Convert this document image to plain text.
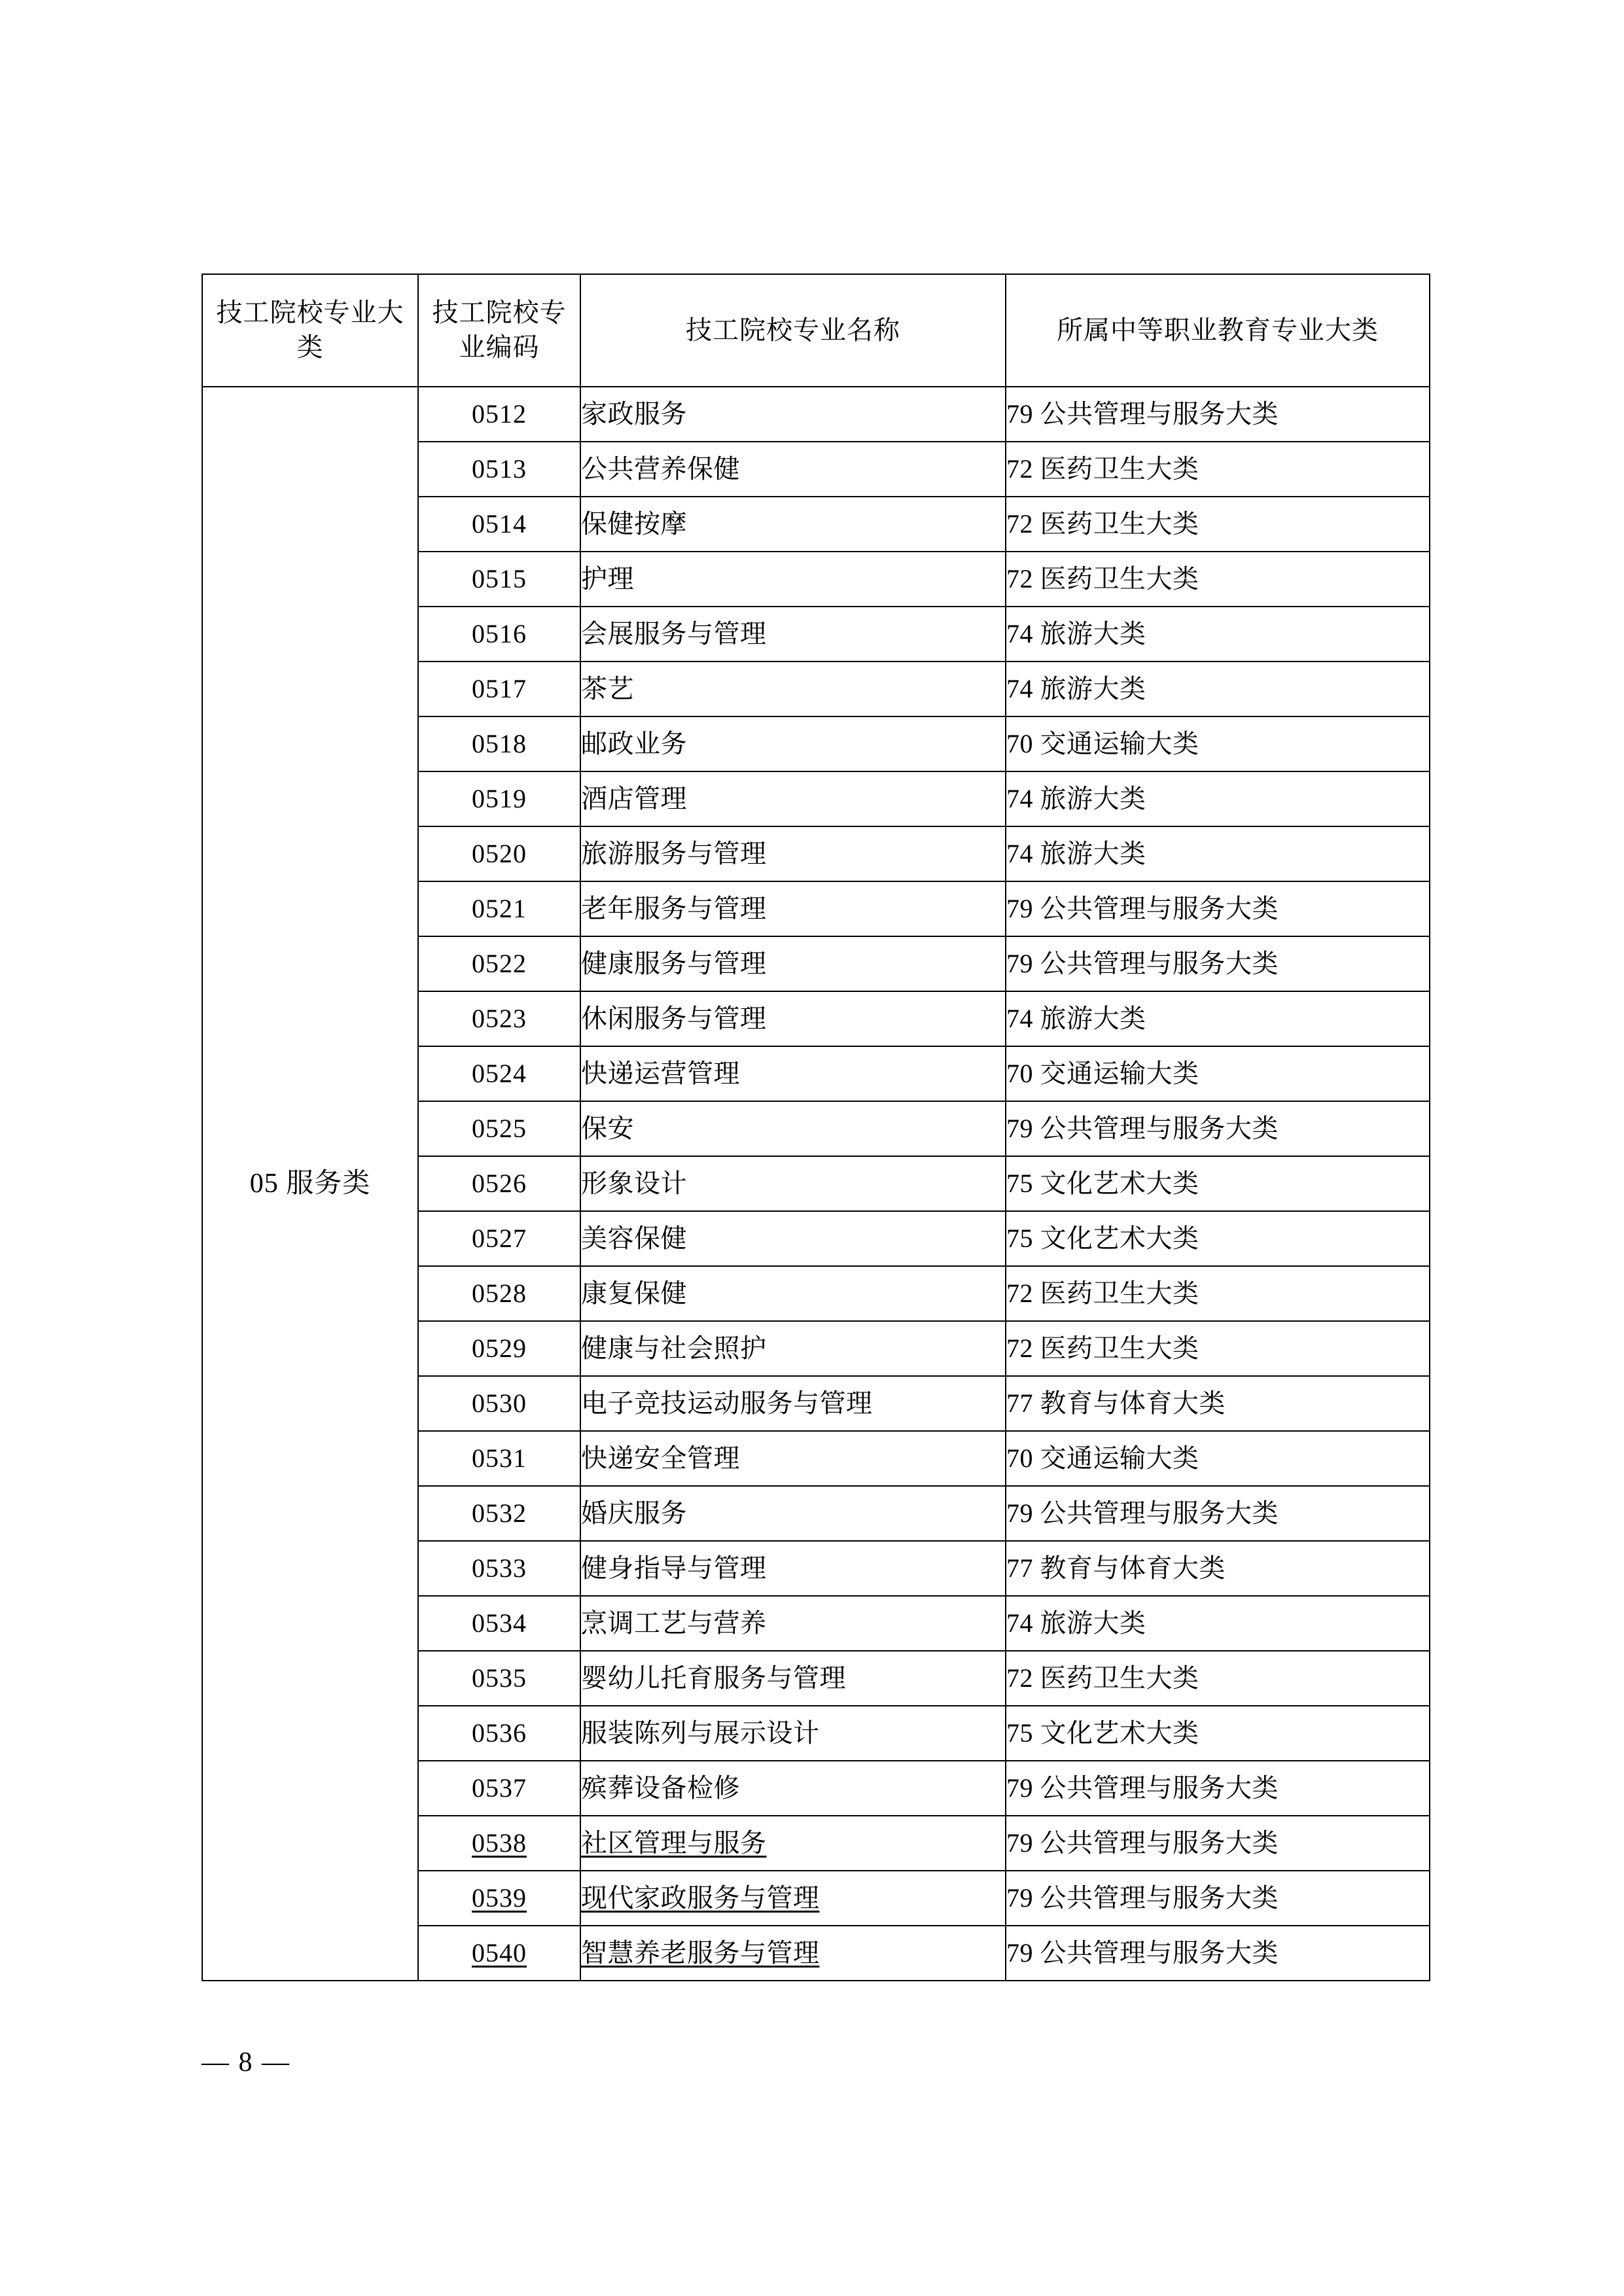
技工院校专业大类	技工院校专业编码	技工院校专业名称	所属中等职业教育专业大类

05 服务类	0512	家政服务	79 公共管理与服务大类
	0513	公共营养保健	72 医药卫生大类
	0514	保健按摩	72 医药卫生大类
	0515	护理	72 医药卫生大类
	0516	会展服务与管理	74 旅游大类
	0517	茶艺	74 旅游大类
	0518	邮政业务	70 交通运输大类
	0519	酒店管理	74 旅游大类
	0520	旅游服务与管理	74 旅游大类
	0521	老年服务与管理	79 公共管理与服务大类
	0522	健康服务与管理	79 公共管理与服务大类
	0523	休闲服务与管理	74 旅游大类
	0524	快递运营管理	70 交通运输大类
	0525	保安	79 公共管理与服务大类
	0526	形象设计	75 文化艺术大类
	0527	美容保健	75 文化艺术大类
	0528	康复保健	72 医药卫生大类
	0529	健康与社会照护	72 医药卫生大类
	0530	电子竞技运动服务与管理	77 教育与体育大类
	0531	快递安全管理	70 交通运输大类
	0532	婚庆服务	79 公共管理与服务大类
	0533	健身指导与管理	77 教育与体育大类
	0534	烹调工艺与营养	74 旅游大类
	0535	婴幼儿托育服务与管理	72 医药卫生大类
	0536	服装陈列与展示设计	75 文化艺术大类
	0537	殡葬设备检修	79 公共管理与服务大类
	0538	社区管理与服务	79 公共管理与服务大类
	0539	现代家政服务与管理	79 公共管理与服务大类
	0540	智慧养老服务与管理	79 公共管理与服务大类
— 8 —
